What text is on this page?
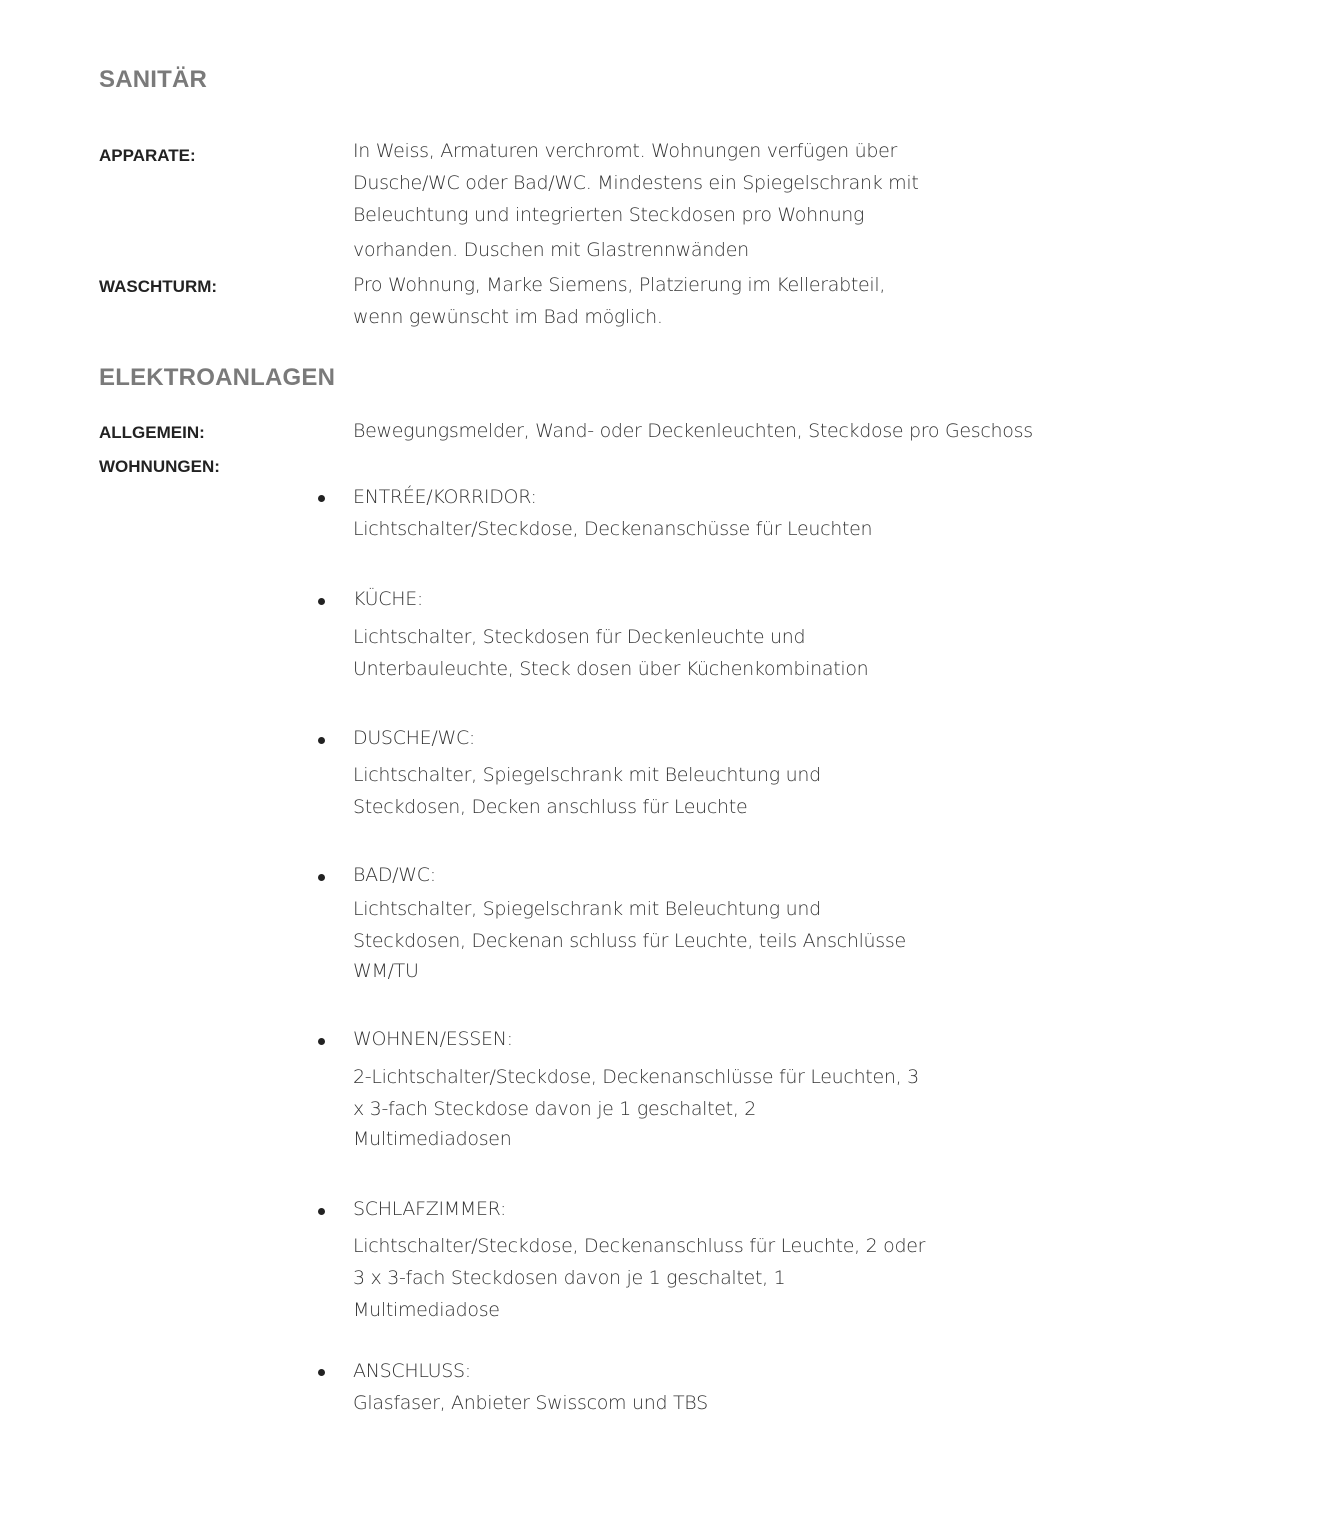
SANITÄR
APPARATE:	In Weiss, Armaturen verchromt. Wohnungen verfügen über
Dusche/WC oder Bad/WC. Mindestens ein Spiegelschrank mit
Beleuchtung und integrierten Steckdosen pro Wohnung
vorhanden. Duschen mit Glastrennwänden
WASCHTURM:	Pro Wohnung, Marke Siemens, Platzierung im Kellerabteil,
wenn gewünscht im Bad möglich.
ELEKTROANLAGEN
ALLGEMEIN:	Bewegungsmelder, Wand- oder Deckenleuchten, Steckdose pro Geschoss
WOHNUNGEN:
ENTRÉE/KORRIDOR:
Lichtschalter/Steckdose, Deckenanschüsse für Leuchten
KÜCHE:
Lichtschalter, Steckdosen für Deckenleuchte und
Unterbauleuchte, Steck dosen über Küchenkombination
DUSCHE/WC:
Lichtschalter, Spiegelschrank mit Beleuchtung und
Steckdosen, Decken anschluss für Leuchte
BAD/WC:
Lichtschalter, Spiegelschrank mit Beleuchtung und
Steckdosen, Deckenan schluss für Leuchte, teils Anschlüsse
WM/TU
WOHNEN/ESSEN:
2-Lichtschalter/Steckdose, Deckenanschlüsse für Leuchten, 3
x 3-fach Steckdose davon je 1 geschaltet, 2
Multimediadosen
SCHLAFZIMMER:
Lichtschalter/Steckdose, Deckenanschluss für Leuchte, 2 oder
3 x 3-fach Steckdosen davon je 1 geschaltet, 1
Multimediadose
ANSCHLUSS:
Glasfaser, Anbieter Swisscom und TBS
